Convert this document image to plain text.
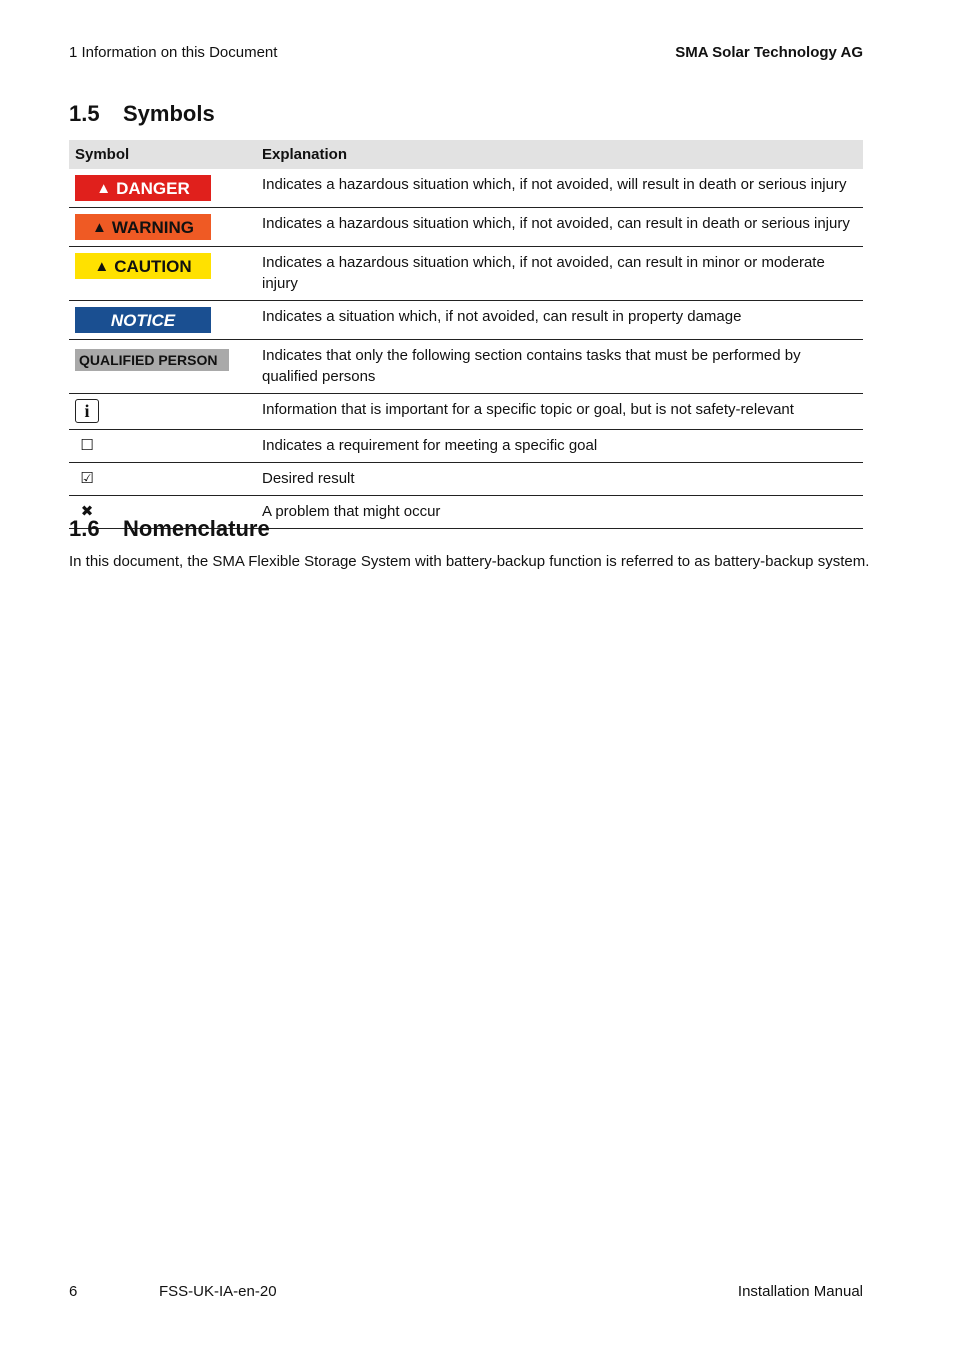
1 Information on this Document	SMA Solar Technology AG
1.5 Symbols
Symbol	Explanation

▲ DANGER	Indicates a hazardous situation which, if not avoided, will result in death or serious injury

▲ WARNING	Indicates a hazardous situation which, if not avoided, can result in death or serious injury

▲ CAUTION	Indicates a hazardous situation which, if not avoided, can result in minor or moderate injury
NOTICE	Indicates a situation which, if not avoided, can result in property damage
QUALIFIED PERSON	Indicates that only the following section contains tasks that must be performed by qualified persons
i	Information that is important for a specific topic or goal, but is not safety-relevant
☐	Indicates a requirement for meeting a specific goal
☑	Desired result
✖	A problem that might occur
1.6 Nomenclature
In this document, the SMA Flexible Storage System with battery-backup function is referred to as battery-backup system.
6	FSS-UK-IA-en-20	Installation Manual
